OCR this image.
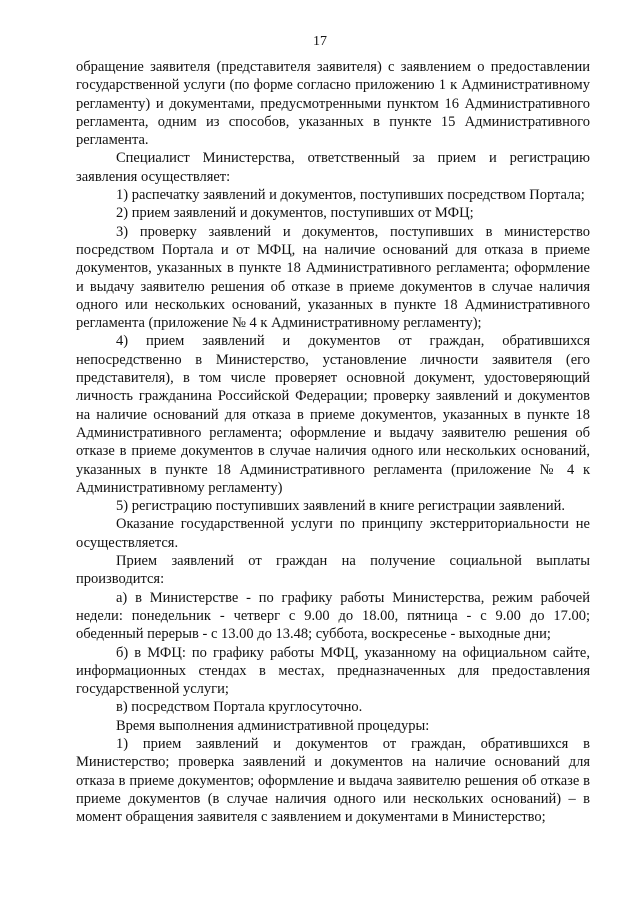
17

обращение заявителя (представителя заявителя) с заявлением о предоставлении государственной услуги (по форме согласно приложению 1 к Административному регламенту) и документами, предусмотренными пунктом 16 Административного регламента, одним из способов, указанных в пункте 15 Административного регламента.

Специалист Министерства, ответственный за прием и регистрацию заявления осуществляет:

1) распечатку заявлений и документов, поступивших посредством Портала;

2) прием заявлений и документов, поступивших от МФЦ;

3) проверку заявлений и документов, поступивших в министерство посредством Портала и от МФЦ, на наличие оснований для отказа в приеме документов, указанных в пункте 18 Административного регламента; оформление и выдачу заявителю решения об отказе в приеме документов в случае наличия одного или нескольких оснований, указанных в пункте 18 Административного регламента (приложение № 4 к Административному регламенту);

4) прием заявлений и документов от граждан, обратившихся непосредственно в Министерство, установление личности заявителя (его представителя), в том числе проверяет основной документ, удостоверяющий личность гражданина Российской Федерации; проверку заявлений и документов на наличие оснований для отказа в приеме документов, указанных в пункте 18 Административного регламента; оформление и выдачу заявителю решения об отказе в приеме документов в случае наличия одного или нескольких оснований, указанных в пункте 18 Административного регламента (приложение № 4 к Административному регламенту)

5) регистрацию поступивших заявлений в книге регистрации заявлений.

Оказание государственной услуги по принципу экстерриториальности не осуществляется.

Прием заявлений от граждан на получение социальной выплаты производится:

а) в Министерстве - по графику работы Министерства, режим рабочей недели: понедельник - четверг с 9.00 до 18.00, пятница - с 9.00 до 17.00; обеденный перерыв - с 13.00 до 13.48; суббота, воскресенье - выходные дни;

б) в МФЦ: по графику работы МФЦ, указанному на официальном сайте, информационных стендах в местах, предназначенных для предоставления государственной услуги;

в) посредством Портала круглосуточно.

Время выполнения административной процедуры:

1) прием заявлений и документов от граждан, обратившихся в Министерство; проверка заявлений и документов на наличие оснований для отказа в приеме документов; оформление и выдача заявителю решения об отказе в приеме документов (в случае наличия одного или нескольких оснований) – в момент обращения заявителя с заявлением и документами в Министерство;
